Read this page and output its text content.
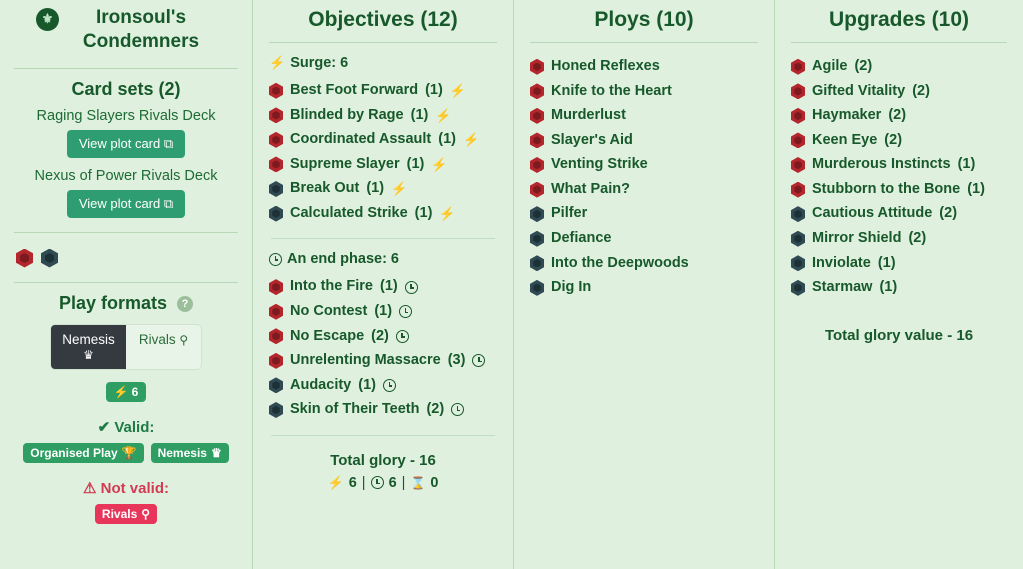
⚜	Ironsoul's Condemners
Card sets (2)
Raging Slayers Rivals Deck
View plot card ⧉
Nexus of Power Rivals Deck
View plot card ⧉
Play formats ?
Nemesis ♛
Rivals ⚲
⚡ 6
✔ Valid:
Organised Play 🏆 Nemesis ♛
⚠ Not valid:
Rivals ⚲
Objectives (12)
⚡ Surge: 6
Best Foot Forward (1) ⚡
Blinded by Rage (1) ⚡
Coordinated Assault (1) ⚡
Supreme Slayer (1) ⚡
Break Out (1) ⚡
Calculated Strike (1) ⚡
An end phase: 6
Into the Fire (1)
No Contest (1)
No Escape (2)
Unrelenting Massacre (3)
Audacity (1)
Skin of Their Teeth (2)
Total glory - 16
⚡ 6 | 6 | ⌛ 0
Ploys (10)
Honed Reflexes
Knife to the Heart
Murderlust
Slayer's Aid
Venting Strike
What Pain?
Pilfer
Defiance
Into the Deepwoods
Dig In
Upgrades (10)
Agile (2)
Gifted Vitality (2)
Haymaker (2)
Keen Eye (2)
Murderous Instincts (1)
Stubborn to the Bone (1)
Cautious Attitude (2)
Mirror Shield (2)
Inviolate (1)
Starmaw (1)
Total glory value - 16
